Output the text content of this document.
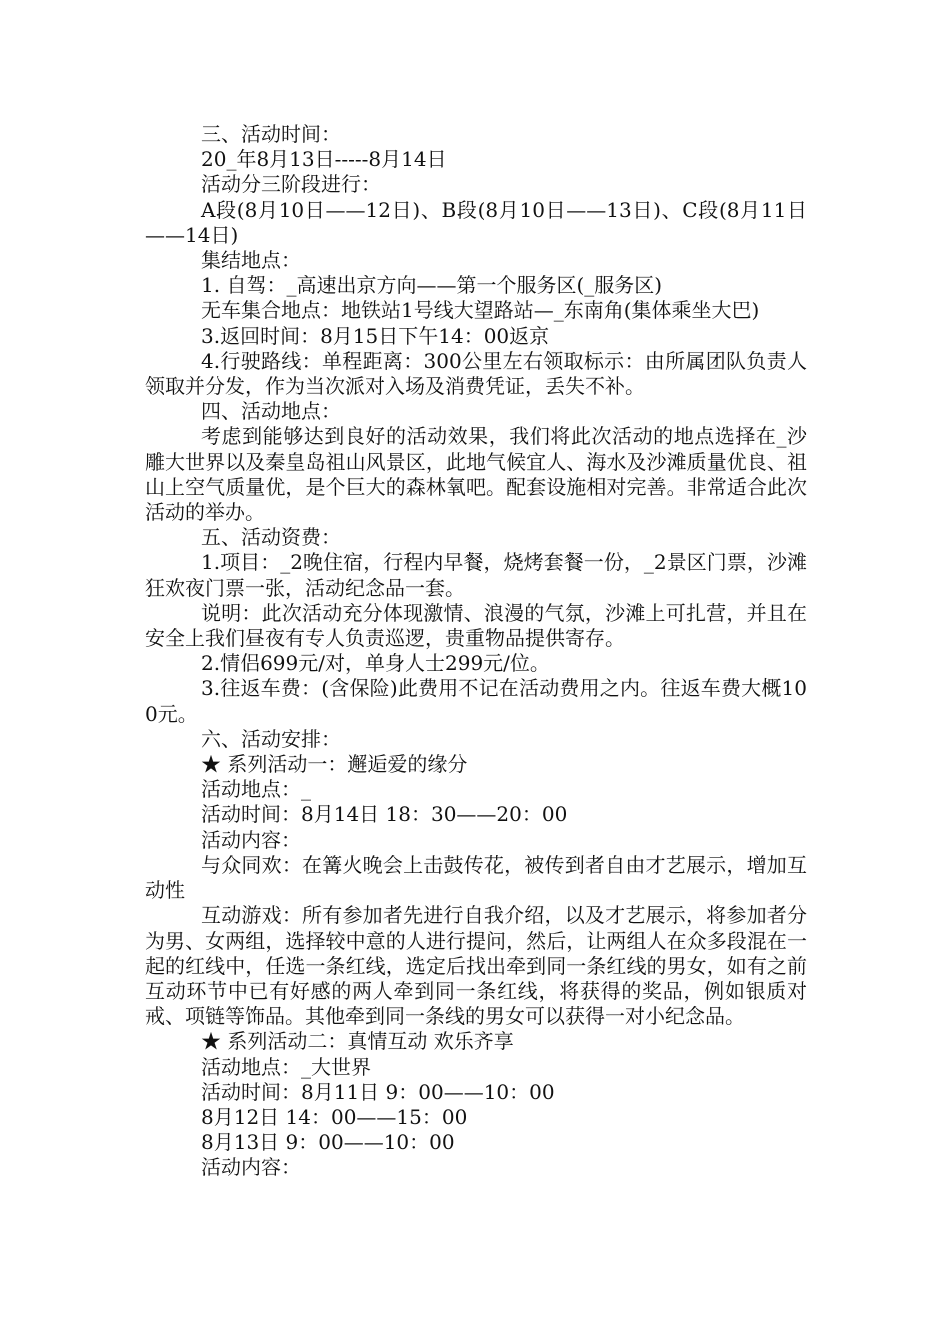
三、活动时间：

20_年8月13日-----8月14日

活动分三阶段进行：

A段(8月10日——12日)、B段(8月10日——13日)、C段(8月11日——14日)

集结地点：

1. 自驾：_高速出京方向——第一个服务区(_服务区)

无车集合地点：地铁站1号线大望路站—_东南角(集体乘坐大巴)

3.返回时间：8月15日下午14：00返京

4.行驶路线：单程距离：300公里左右领取标示：由所属团队负责人领取并分发，作为当次派对入场及消费凭证，丢失不补。

四、活动地点：

考虑到能够达到良好的活动效果，我们将此次活动的地点选择在_沙雕大世界以及秦皇岛祖山风景区，此地气候宜人、海水及沙滩质量优良、祖山上空气质量优，是个巨大的森林氧吧。配套设施相对完善。非常适合此次活动的举办。

五、活动资费：

1.项目：_2晚住宿，行程内早餐，烧烤套餐一份，_2景区门票，沙滩狂欢夜门票一张，活动纪念品一套。

说明：此次活动充分体现激情、浪漫的气氛，沙滩上可扎营，并且在安全上我们昼夜有专人负责巡逻，贵重物品提供寄存。

2.情侣699元/对，单身人士299元/位。

3.往返车费：(含保险)此费用不记在活动费用之内。往返车费大概100元。

六、活动安排：

★ 系列活动一：邂逅爱的缘分

活动地点：_

活动时间：8月14日 18：30——20：00

活动内容：

与众同欢：在篝火晚会上击鼓传花，被传到者自由才艺展示，增加互动性

互动游戏：所有参加者先进行自我介绍，以及才艺展示，将参加者分为男、女两组，选择较中意的人进行提问，然后，让两组人在众多段混在一起的红线中，任选一条红线，选定后找出牵到同一条红线的男女，如有之前互动环节中已有好感的两人牵到同一条红线，将获得的奖品，例如银质对戒、项链等饰品。其他牵到同一条线的男女可以获得一对小纪念品。

★ 系列活动二：真情互动 欢乐齐享

活动地点：_大世界

活动时间：8月11日 9：00——10：00

8月12日 14：00——15：00

8月13日 9：00——10：00

活动内容：
